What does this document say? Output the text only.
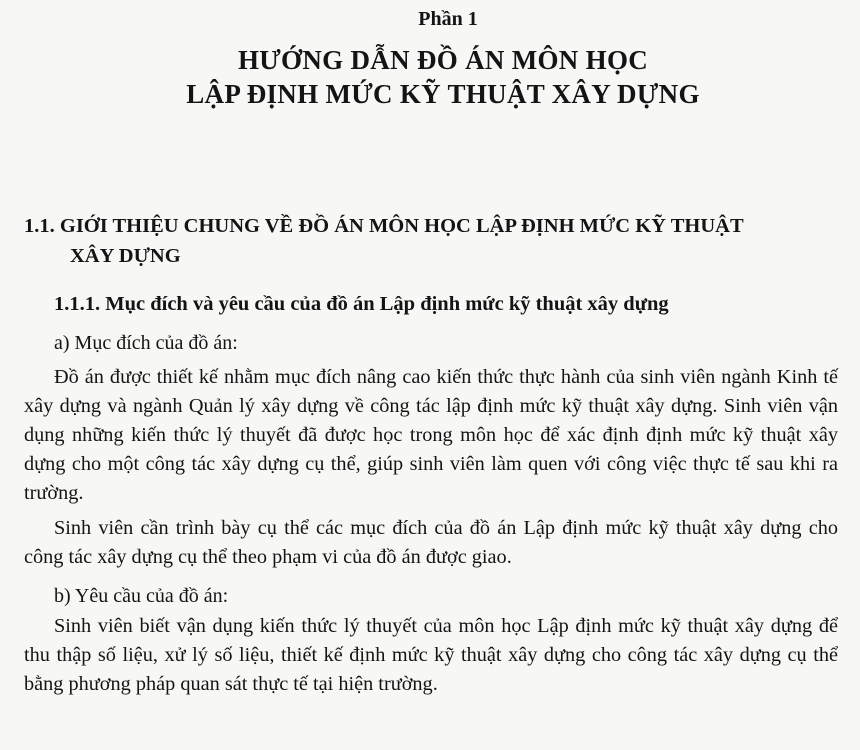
Phần 1
HƯỚNG DẪN ĐỒ ÁN MÔN HỌC
LẬP ĐỊNH MỨC KỸ THUẬT XÂY DỰNG
1.1. GIỚI THIỆU CHUNG VỀ ĐỒ ÁN MÔN HỌC LẬP ĐỊNH MỨC KỸ THUẬT
XÂY DỰNG
1.1.1. Mục đích và yêu cầu của đồ án Lập định mức kỹ thuật xây dựng
a) Mục đích của đồ án:

Đồ án được thiết kế nhằm mục đích nâng cao kiến thức thực hành của sinh viên ngành Kinh tế xây dựng và ngành Quản lý xây dựng về công tác lập định mức kỹ thuật xây dựng. Sinh viên vận dụng những kiến thức lý thuyết đã được học trong môn học để xác định định mức kỹ thuật xây dựng cho một công tác xây dựng cụ thể, giúp sinh viên làm quen với công việc thực tế sau khi ra trường.

Sinh viên cần trình bày cụ thể các mục đích của đồ án Lập định mức kỹ thuật xây dựng cho công tác xây dựng cụ thể theo phạm vi của đồ án được giao.

b) Yêu cầu của đồ án:

Sinh viên biết vận dụng kiến thức lý thuyết của môn học Lập định mức kỹ thuật xây dựng để thu thập số liệu, xử lý số liệu, thiết kế định mức kỹ thuật xây dựng cho công tác xây dựng cụ thể bằng phương pháp quan sát thực tế tại hiện trường.
